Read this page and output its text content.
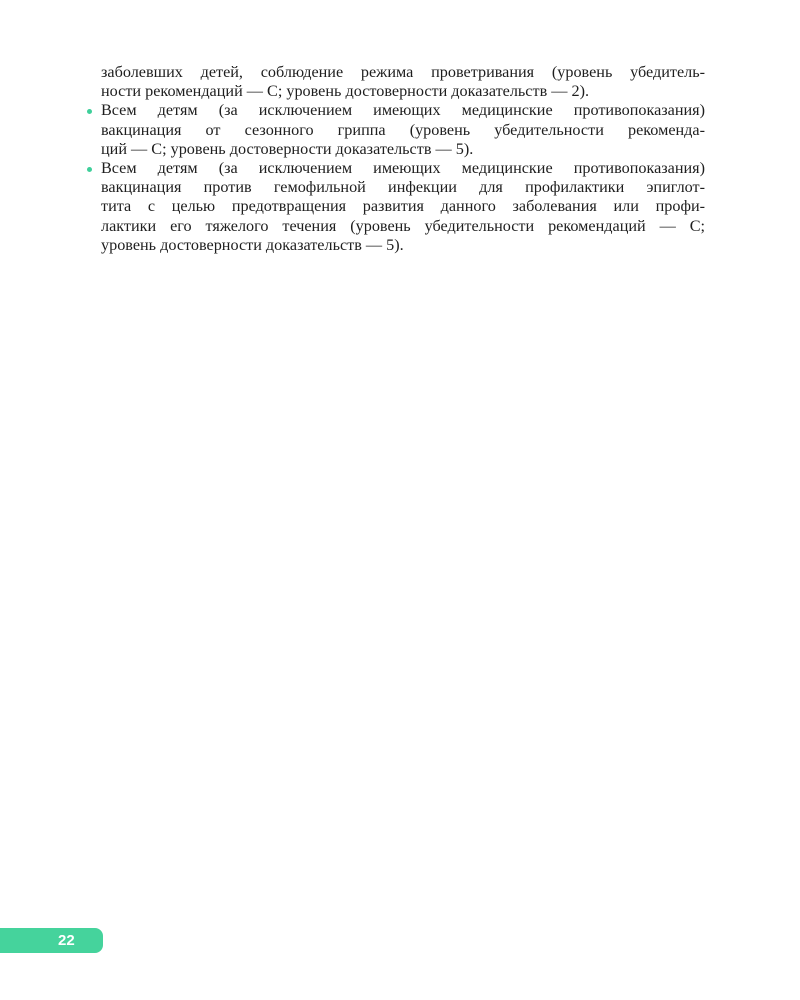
заболевших детей, соблюдение режима проветривания (уровень убедитель-
ности рекомендаций — С; уровень достоверности доказательств — 2).
Всем детям (за исключением имеющих медицинские противопоказания)
вакцинация от сезонного гриппа (уровень убедительности рекоменда-
ций — С; уровень достоверности доказательств — 5).
Всем детям (за исключением имеющих медицинские противопоказания)
вакцинация против гемофильной инфекции для профилактики эпиглот-
тита с целью предотвращения развития данного заболевания или профи-
лактики его тяжелого течения (уровень убедительности рекомендаций — С;
уровень достоверности доказательств — 5).
22
